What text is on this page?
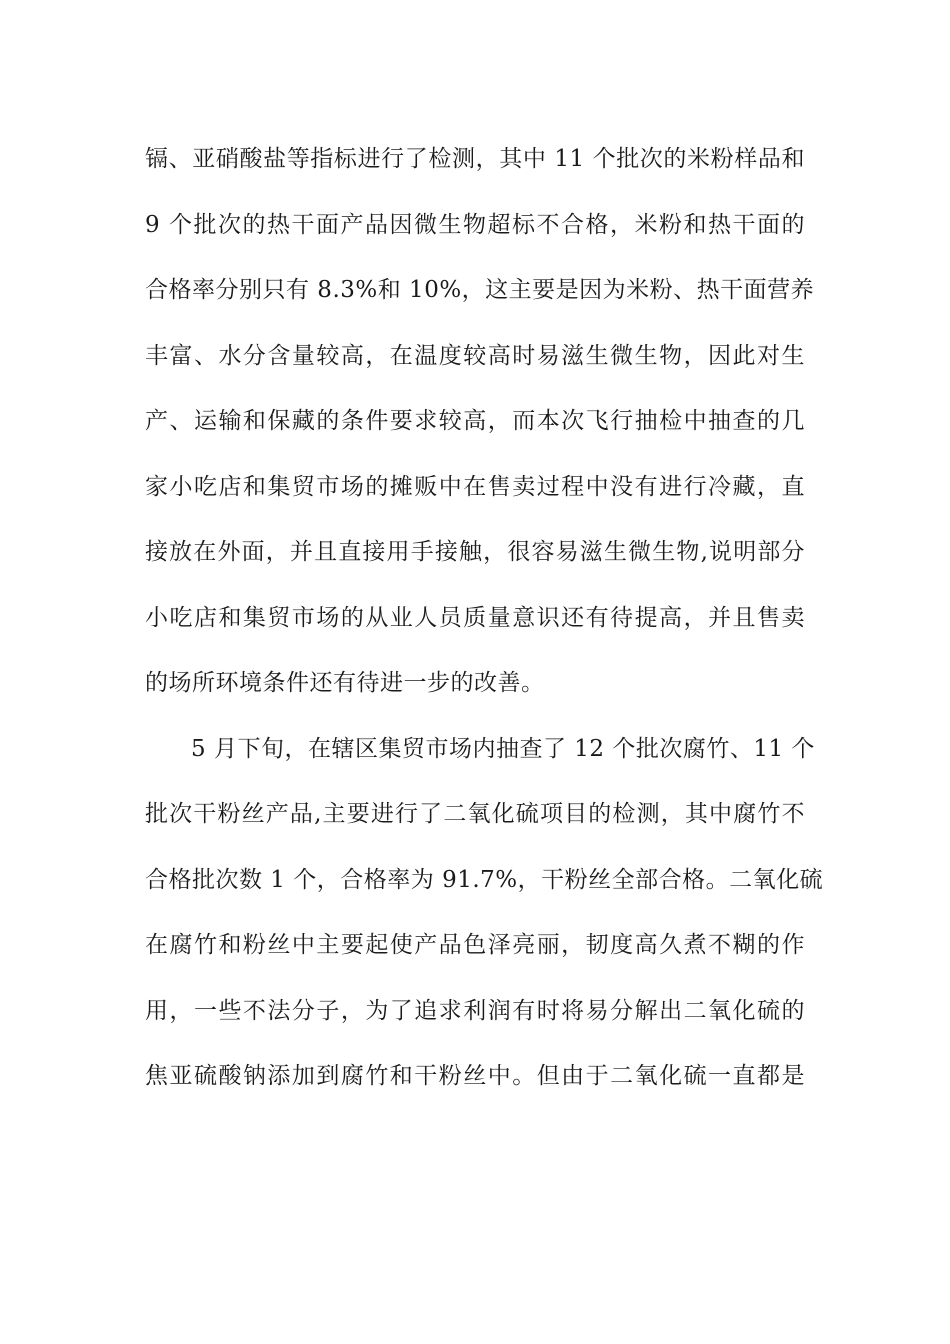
镉、亚硝酸盐等指标进行了检测，其中 11 个批次的米粉样品和
9 个批次的热干面产品因微生物超标不合格，米粉和热干面的
合格率分别只有 8.3%和 10%，这主要是因为米粉、热干面营养
丰富、水分含量较高，在温度较高时易滋生微生物，因此对生
产、运输和保藏的条件要求较高，而本次飞行抽检中抽查的几
家小吃店和集贸市场的摊贩中在售卖过程中没有进行冷藏，直
接放在外面，并且直接用手接触，很容易滋生微生物,说明部分
小吃店和集贸市场的从业人员质量意识还有待提高，并且售卖
的场所环境条件还有待进一步的改善。
5 月下旬，在辖区集贸市场内抽查了 12 个批次腐竹、11 个
批次干粉丝产品,主要进行了二氧化硫项目的检测，其中腐竹不
合格批次数 1 个，合格率为 91.7%，干粉丝全部合格。二氧化硫
在腐竹和粉丝中主要起使产品色泽亮丽，韧度高久煮不糊的作
用，一些不法分子，为了追求利润有时将易分解出二氧化硫的
焦亚硫酸钠添加到腐竹和干粉丝中。但由于二氧化硫一直都是
